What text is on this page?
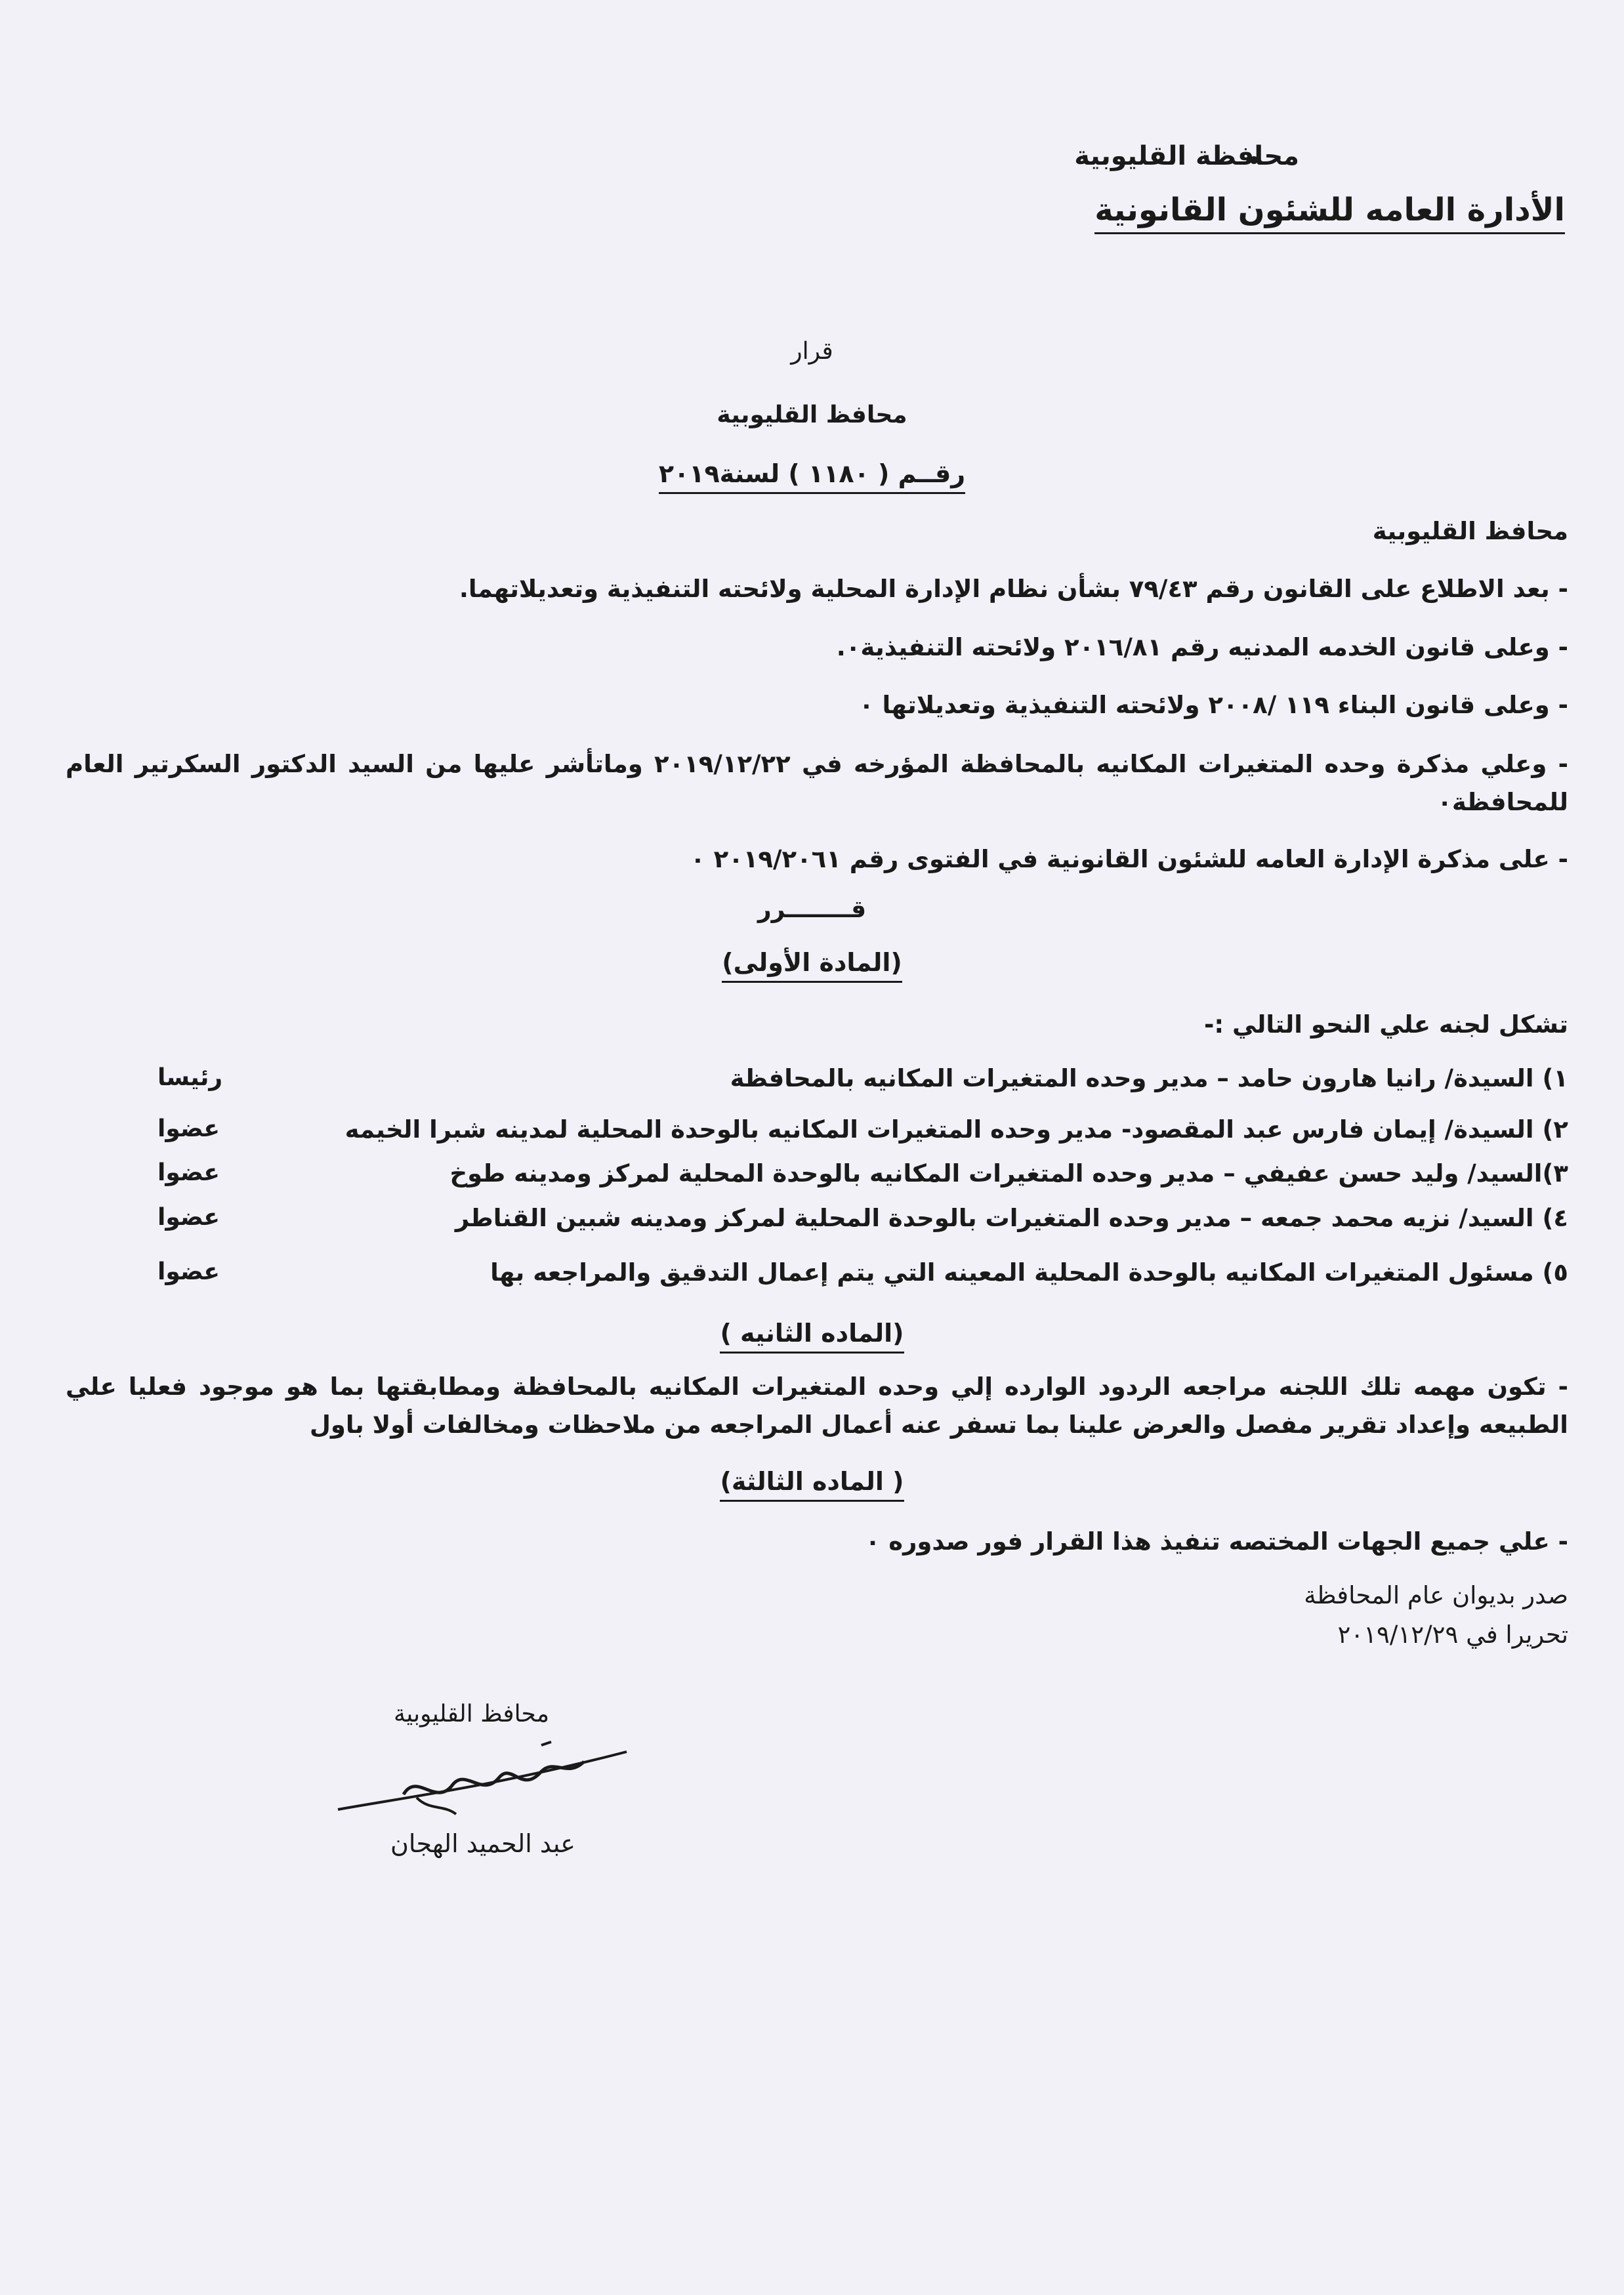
محافظة القليوبية
الأدارة العامه للشئون القانونية
قرار
محافظ القليوبية
رقــم ( ١١٨٠ ) لسنة٢٠١٩
محافظ القليوبية
- بعد الاطلاع على القانون رقم ٧٩/٤٣ بشأن نظام الإدارة المحلية ولائحته التنفيذية وتعديلاتهما.
- وعلى قانون الخدمه المدنيه رقم ٢٠١٦/٨١ ولائحته التنفيذية٠.
- وعلى قانون البناء ١١٩ /٢٠٠٨ ولائحته التنفيذية وتعديلاتها ٠
- وعلي مذكرة وحده المتغيرات المكانيه بالمحافظة المؤرخه في ٢٠١٩/١٢/٢٢ وماتأشر عليها من السيد الدكتور السكرتير العام للمحافظة٠
- على مذكرة الإدارة العامه للشئون القانونية في الفتوى رقم ٢٠١٩/٢٠٦١ ٠
قــــــــرر
(المادة الأولى)
تشكل لجنه علي النحو التالي :-
١) السيدة/ رانيا هارون حامد – مدير وحده المتغيرات المكانيه بالمحافظة
رئيسا
٢) السيدة/ إيمان فارس عبد المقصود- مدير وحده المتغيرات المكانيه بالوحدة المحلية لمدينه شبرا الخيمه
عضوا
٣)السيد/ وليد حسن عفيفي – مدير وحده المتغيرات المكانيه بالوحدة المحلية لمركز ومدينه طوخ
عضوا
٤) السيد/ نزيه محمد جمعه – مدير وحده المتغيرات بالوحدة المحلية لمركز ومدينه شبين القناطر
عضوا
٥) مسئول المتغيرات المكانيه بالوحدة المحلية المعينه التي يتم إعمال التدقيق والمراجعه بها
عضوا
(الماده الثانيه )
- تكون مهمه تلك اللجنه مراجعه الردود الوارده إلي وحده المتغيرات المكانيه بالمحافظة ومطابقتها بما هو موجود فعليا علي الطبيعه وإعداد تقرير مفصل والعرض علينا بما تسفر عنه أعمال المراجعه من ملاحظات ومخالفات أولا باول
( الماده الثالثة)
- علي جميع الجهات المختصه تنفيذ هذا القرار فور صدوره ٠
صدر بديوان عام المحافظة
تحريرا في ٢٠١٩/١٢/٢٩
محافظ القليوبية
عبد الحميد الهجان
